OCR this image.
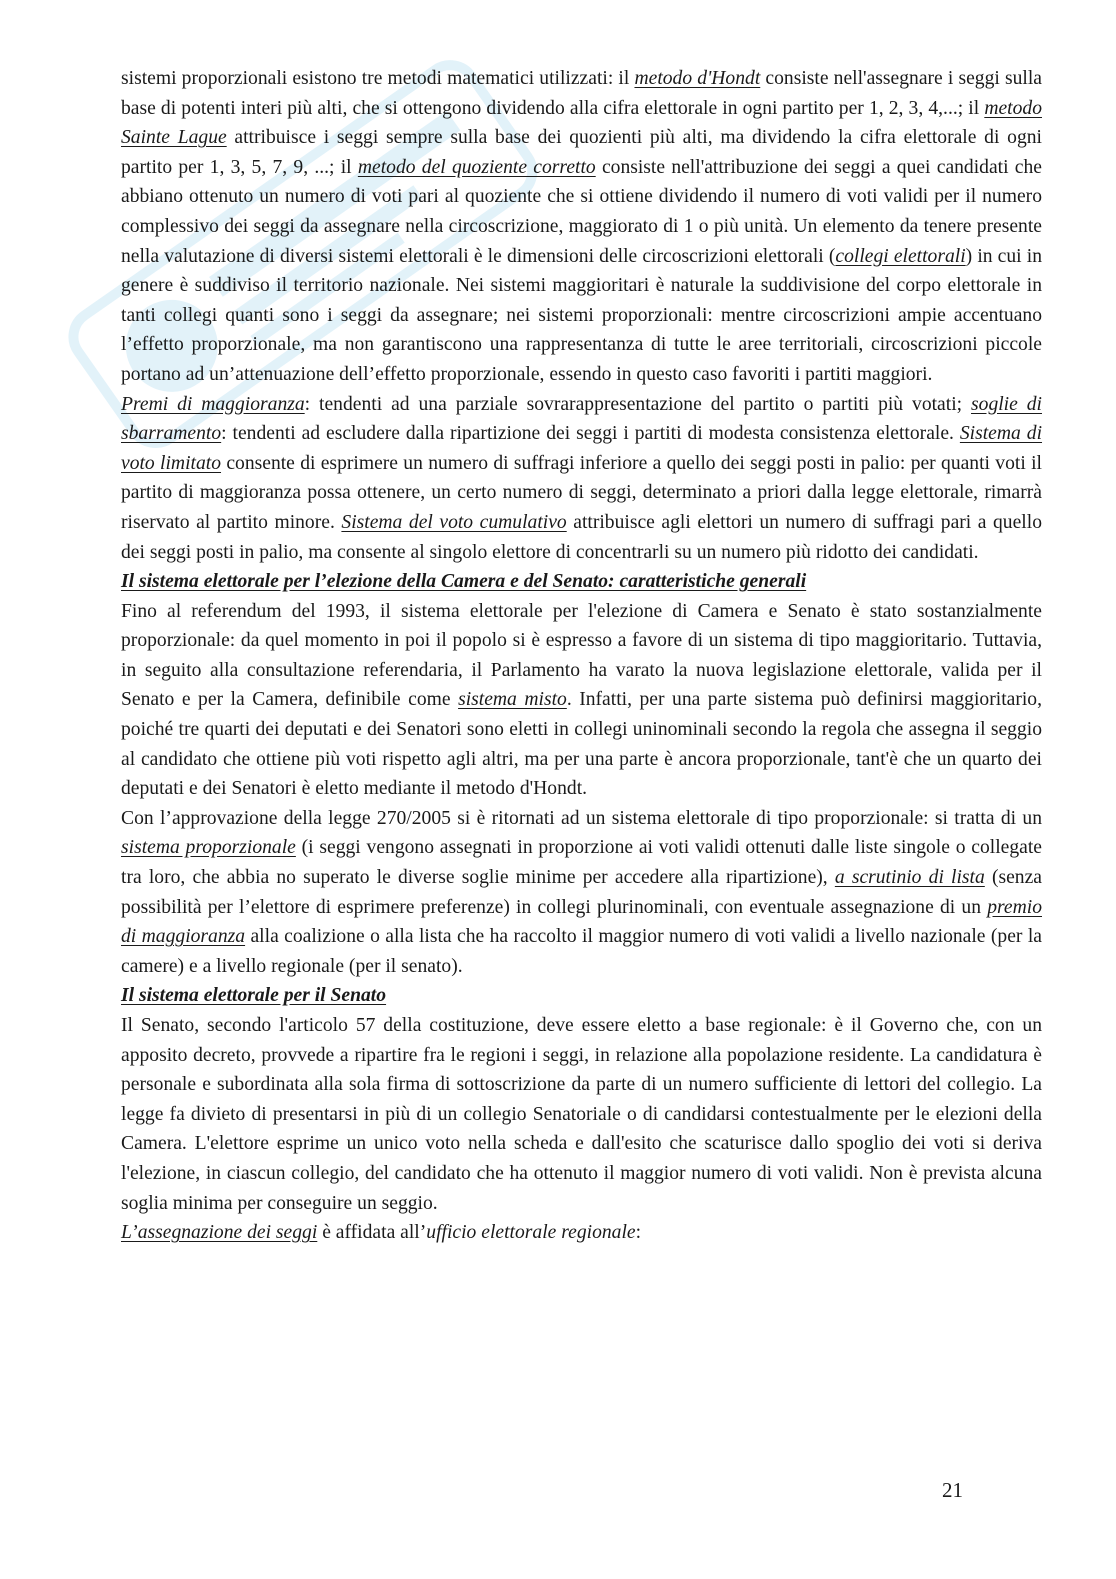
sistemi proporzionali esistono tre metodi matematici utilizzati: il metodo d'Hondt consiste nell'assegnare i seggi sulla base di potenti interi più alti, che si ottengono dividendo alla cifra elettorale in ogni partito per 1, 2, 3, 4,...; il metodo Sainte Lague attribuisce i seggi sempre sulla base dei quozienti più alti, ma dividendo la cifra elettorale di ogni partito per 1, 3, 5, 7, 9, ...; il metodo del quoziente corretto consiste nell'attribuzione dei seggi a quei candidati che abbiano ottenuto un numero di voti pari al quoziente che si ottiene dividendo il numero di voti validi per il numero complessivo dei seggi da assegnare nella circoscrizione, maggiorato di 1 o più unità. Un elemento da tenere presente nella valutazione di diversi sistemi elettorali è le dimensioni delle circoscrizioni elettorali (collegi elettorali) in cui in genere è suddiviso il territorio nazionale. Nei sistemi maggioritari è naturale la suddivisione del corpo elettorale in tanti collegi quanti sono i seggi da assegnare; nei sistemi proporzionali: mentre circoscrizioni ampie accentuano l’effetto proporzionale, ma non garantiscono una rappresentanza di tutte le aree territoriali, circoscrizioni piccole portano ad un’attenuazione dell’effetto proporzionale, essendo in questo caso favoriti i partiti maggiori.

Premi di maggioranza: tendenti ad una parziale sovrarappresentazione del partito o partiti più votati; soglie di sbarramento: tendenti ad escludere dalla ripartizione dei seggi i partiti di modesta consistenza elettorale. Sistema di voto limitato consente di esprimere un numero di suffragi inferiore a quello dei seggi posti in palio: per quanti voti il partito di maggioranza possa ottenere, un certo numero di seggi, determinato a priori dalla legge elettorale, rimarrà riservato al partito minore. Sistema del voto cumulativo attribuisce agli elettori un numero di suffragi pari a quello dei seggi posti in palio, ma consente al singolo elettore di concentrarli su un numero più ridotto dei candidati.

Il sistema elettorale per l’elezione della Camera e del Senato: caratteristiche generali

Fino al referendum del 1993, il sistema elettorale per l'elezione di Camera e Senato è stato sostanzialmente proporzionale: da quel momento in poi il popolo si è espresso a favore di un sistema di tipo maggioritario. Tuttavia, in seguito alla consultazione referendaria, il Parlamento ha varato la nuova legislazione elettorale, valida per il Senato e per la Camera, definibile come sistema misto. Infatti, per una parte sistema può definirsi maggioritario, poiché tre quarti dei deputati e dei Senatori sono eletti in collegi uninominali secondo la regola che assegna il seggio al candidato che ottiene più voti rispetto agli altri, ma per una parte è ancora proporzionale, tant'è che un quarto dei deputati e dei Senatori è eletto mediante il metodo d'Hondt.

Con l’approvazione della legge 270/2005 si è ritornati ad un sistema elettorale di tipo proporzionale: si tratta di un sistema proporzionale (i seggi vengono assegnati in proporzione ai voti validi ottenuti dalle liste singole o collegate tra loro, che abbia no superato le diverse soglie minime per accedere alla ripartizione), a scrutinio di lista (senza possibilità per l’elettore di esprimere preferenze) in collegi plurinominali, con eventuale assegnazione di un premio di maggioranza alla coalizione o alla lista che ha raccolto il maggior numero di voti validi a livello nazionale (per la camere) e a livello regionale (per il senato).

Il sistema elettorale per il Senato

Il Senato, secondo l'articolo 57 della costituzione, deve essere eletto a base regionale: è il Governo che, con un apposito decreto, provvede a ripartire fra le regioni i seggi, in relazione alla popolazione residente. La candidatura è personale e subordinata alla sola firma di sottoscrizione da parte di un numero sufficiente di lettori del collegio. La legge fa divieto di presentarsi in più di un collegio Senatoriale o di candidarsi contestualmente per le elezioni della Camera. L'elettore esprime un unico voto nella scheda e dall'esito che scaturisce dallo spoglio dei voti si deriva l'elezione, in ciascun collegio, del candidato che ha ottenuto il maggior numero di voti validi. Non è prevista alcuna soglia minima per conseguire un seggio.

L’assegnazione dei seggi è affidata all’ufficio elettorale regionale:

21
